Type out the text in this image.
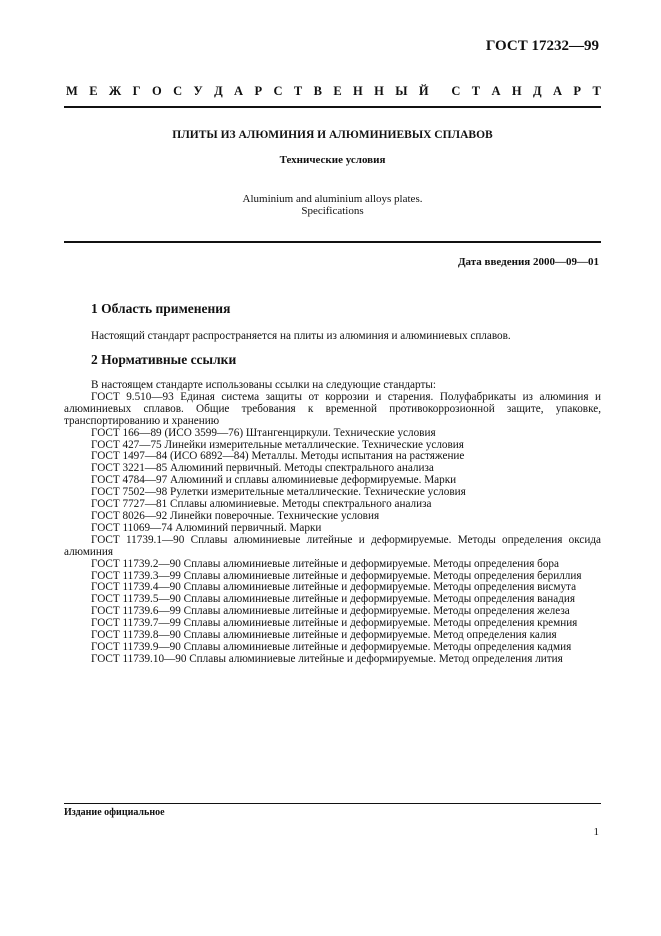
ГОСТ 17232—99
М Е Ж Г О С У Д А Р С Т В Е Н Н Ы Й С Т А Н Д А Р Т
ПЛИТЫ ИЗ АЛЮМИНИЯ И АЛЮМИНИЕВЫХ СПЛАВОВ
Технические условия
Aluminium and aluminium alloys plates.
Specifications
Дата введения 2000—09—01
1 Область применения
Настоящий стандарт распространяется на плиты из алюминия и алюминиевых сплавов.
2 Нормативные ссылки

В настоящем стандарте использованы ссылки на следующие стандарты:

ГОСТ 9.510—93 Единая система защиты от коррозии и старения. Полуфабрикаты из алюминия и алюминиевых сплавов. Общие требования к временной противокоррозионной защите, упаковке, транспортированию и хранению

ГОСТ 166—89 (ИСО 3599—76) Штангенциркули. Технические условия

ГОСТ 427—75 Линейки измерительные металлические. Технические условия

ГОСТ 1497—84 (ИСО 6892—84) Металлы. Методы испытания на растяжение

ГОСТ 3221—85 Алюминий первичный. Методы спектрального анализа

ГОСТ 4784—97 Алюминий и сплавы алюминиевые деформируемые. Марки

ГОСТ 7502—98 Рулетки измерительные металлические. Технические условия

ГОСТ 7727—81 Сплавы алюминиевые. Методы спектрального анализа

ГОСТ 8026—92 Линейки поверочные. Технические условия

ГОСТ 11069—74 Алюминий первичный. Марки

ГОСТ 11739.1—90 Сплавы алюминиевые литейные и деформируемые. Методы определения оксида алюминия

ГОСТ 11739.2—90 Сплавы алюминиевые литейные и деформируемые. Методы определения бора

ГОСТ 11739.3—99 Сплавы алюминиевые литейные и деформируемые. Методы определения бериллия

ГОСТ 11739.4—90 Сплавы алюминиевые литейные и деформируемые. Методы определения висмута

ГОСТ 11739.5—90 Сплавы алюминиевые литейные и деформируемые. Методы определения ванадия

ГОСТ 11739.6—99 Сплавы алюминиевые литейные и деформируемые. Методы определения железа

ГОСТ 11739.7—99 Сплавы алюминиевые литейные и деформируемые. Методы определения кремния

ГОСТ 11739.8—90 Сплавы алюминиевые литейные и деформируемые. Метод определения калия

ГОСТ 11739.9—90 Сплавы алюминиевые литейные и деформируемые. Методы определения кадмия

ГОСТ 11739.10—90 Сплавы алюминиевые литейные и деформируемые. Метод определения лития

Издание официальное
1
